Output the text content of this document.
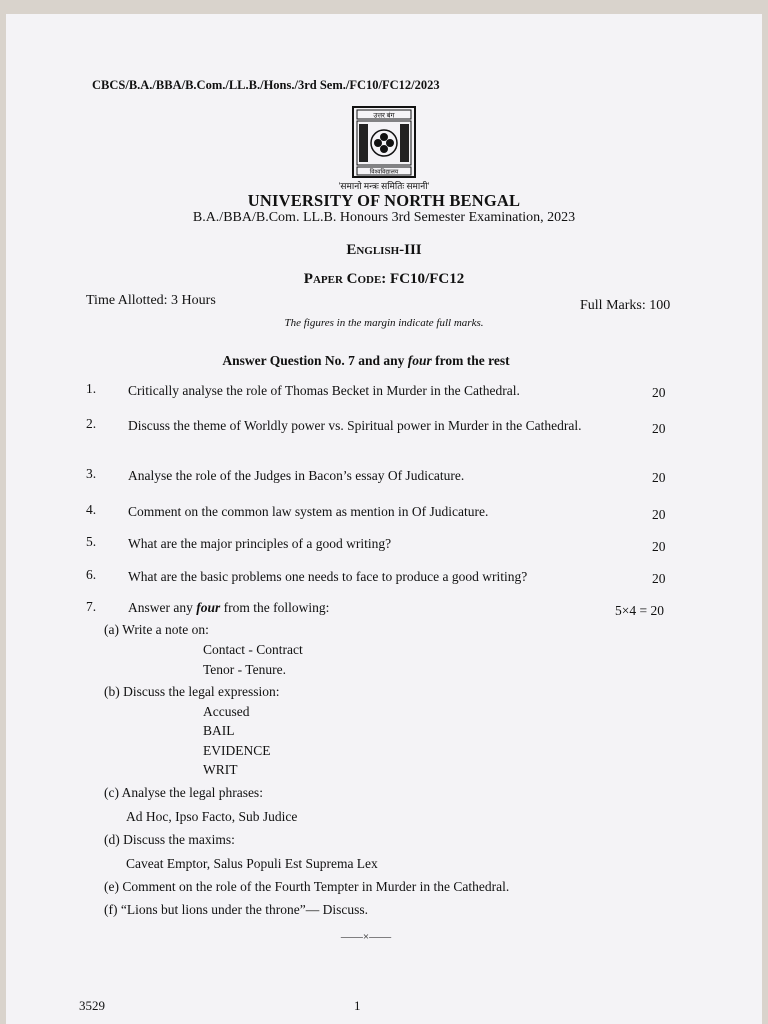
CBCS/B.A./BBA/B.Com./LL.B./Hons./3rd Sem./FC10/FC12/2023
उत्तर बंग
विश्वविद्यालय
'समानो मन्त्रः समितिः समानी'
UNIVERSITY OF NORTH BENGAL
B.A./BBA/B.Com. LL.B. Honours 3rd Semester Examination, 2023
English-III
Paper Code: FC10/FC12
Time Allotted: 3 Hours	Full Marks: 100
The figures in the margin indicate full marks.
Answer Question No. 7 and any four from the rest
1. Critically analyse the role of Thomas Becket in Murder in the Cathedral.	20
2. Discuss the theme of Worldly power vs. Spiritual power in Murder in the Cathedral.	20
3. Analyse the role of the Judges in Bacon’s essay Of Judicature.	20
4. Comment on the common law system as mention in Of Judicature.	20
5. What are the major principles of a good writing?	20
6. What are the basic problems one needs to face to produce a good writing?	20
7. Answer any four from the following:	5×4 = 20
(a) Write a note on:
Contact - Contract
Tenor - Tenure.
(b) Discuss the legal expression:
Accused
BAIL
EVIDENCE
WRIT
(c) Analyse the legal phrases:
Ad Hoc, Ipso Facto, Sub Judice
(d) Discuss the maxims:
Caveat Emptor, Salus Populi Est Suprema Lex
(e) Comment on the role of the Fourth Tempter in Murder in the Cathedral.
(f) “Lions but lions under the throne”— Discuss.
——×——
3529	1
